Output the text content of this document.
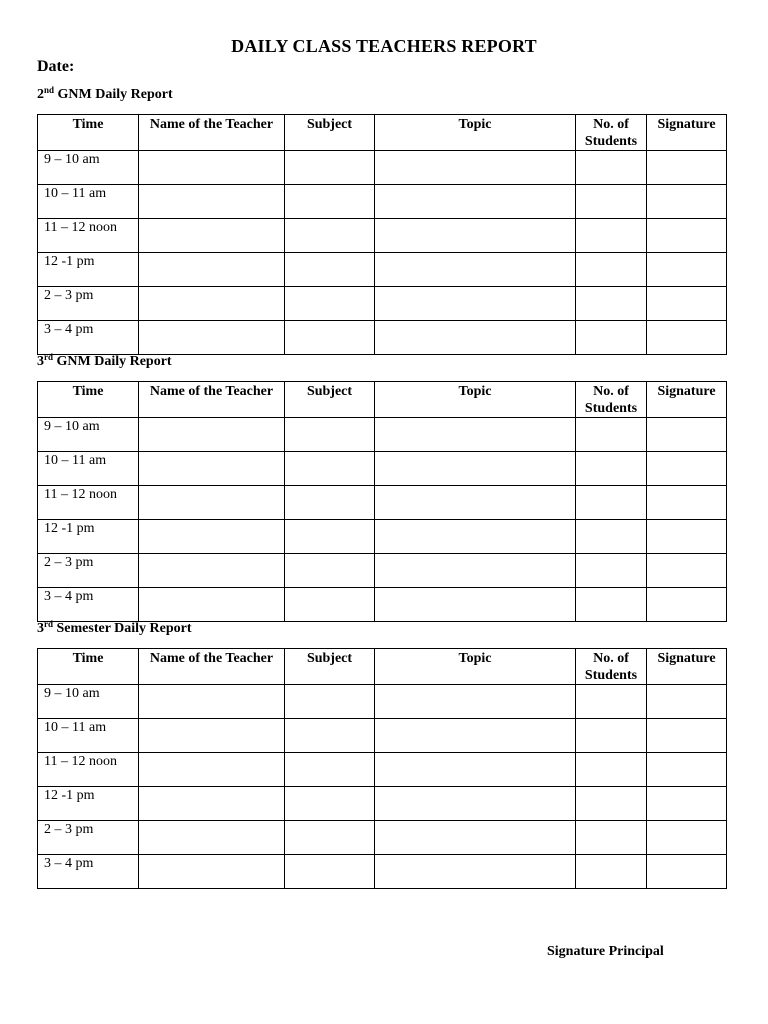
DAILY CLASS TEACHERS REPORT
Date:
2nd GNM Daily Report
Time	Name of the Teacher	Subject	Topic	No. of Students	Signature
9 – 10 am					
10 – 11 am					
11 – 12 noon					
12 -1 pm					
2 – 3 pm					
3 – 4 pm					
3rd GNM Daily Report
Time	Name of the Teacher	Subject	Topic	No. of Students	Signature
9 – 10 am					
10 – 11 am					
11 – 12 noon					
12 -1 pm					
2 – 3 pm					
3 – 4 pm					
3rd Semester Daily Report
Time	Name of the Teacher	Subject	Topic	No. of Students	Signature
9 – 10 am					
10 – 11 am					
11 – 12 noon					
12 -1 pm					
2 – 3 pm					
3 – 4 pm					
Signature Principal
